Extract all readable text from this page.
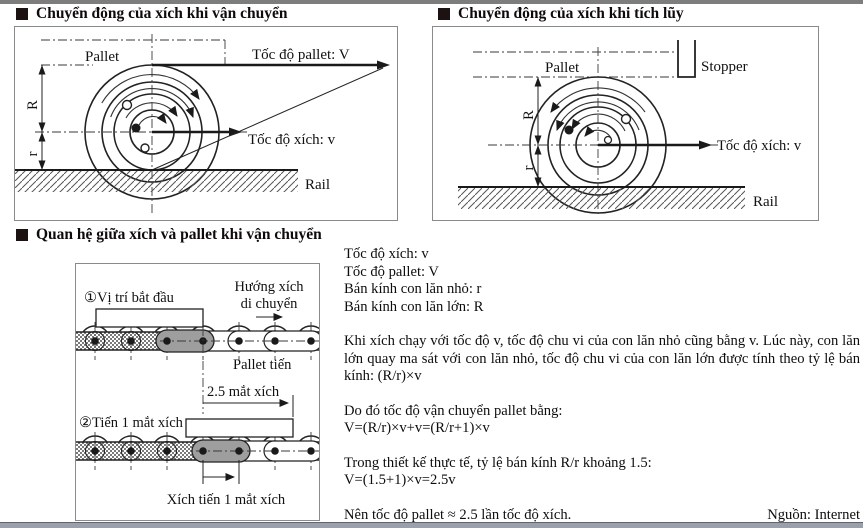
Chuyển động của xích khi vận chuyển	Chuyển động của xích khi tích lũy
Pallet	Tốc độ pallet: V
Tốc độ xích: v
Rail
R
r
Pallet	Stopper
Tốc độ xích: v
Rail
R
r
Quan hệ giữa xích và pallet khi vận chuyển
①Vị trí bắt đầu
Hướng xích
di chuyển
Pallet tiến
2.5 mắt xích
②Tiến 1 mắt xích
Xích tiến 1 mắt xích

Tốc độ xích: v
Tốc độ pallet: V
Bán kính con lăn nhỏ: r
Bán kính con lăn lớn: R

Khi xích chạy với tốc độ v, tốc độ chu vi của con lăn nhỏ cũng bằng v. Lúc này, con lăn lớn quay ma sát với con lăn nhỏ, tốc độ chu vi của con lăn lớn được tính theo tỷ lệ bán kính: (R/r)×v

Do đó tốc độ vận chuyển pallet bằng:
V=(R/r)×v+v=(R/r+1)×v

Trong thiết kế thực tế, tỷ lệ bán kính R/r khoảng 1.5:
V=(1.5+1)×v=2.5v

Nên tốc độ pallet ≈ 2.5 lần tốc độ xích.	Nguồn: Internet
